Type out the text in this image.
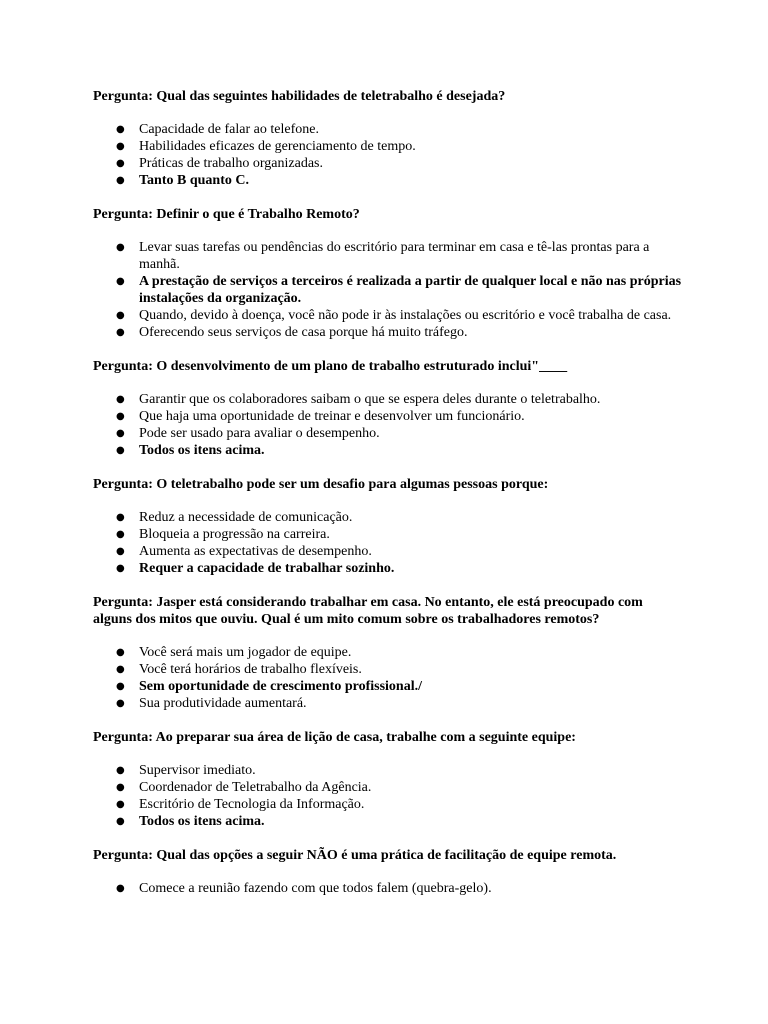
Pergunta: Qual das seguintes habilidades de teletrabalho é desejada?

● Capacidade de falar ao telefone.
● Habilidades eficazes de gerenciamento de tempo.
● Práticas de trabalho organizadas.
● Tanto B quanto C.

Pergunta: Definir o que é Trabalho Remoto?

● Levar suas tarefas ou pendências do escritório para terminar em casa e tê-las prontas para a manhã.
● A prestação de serviços a terceiros é realizada a partir de qualquer local e não nas próprias instalações da organização.
● Quando, devido à doença, você não pode ir às instalações ou escritório e você trabalha de casa.
● Oferecendo seus serviços de casa porque há muito tráfego.

Pergunta: O desenvolvimento de um plano de trabalho estruturado inclui"____

● Garantir que os colaboradores saibam o que se espera deles durante o teletrabalho.
● Que haja uma oportunidade de treinar e desenvolver um funcionário.
● Pode ser usado para avaliar o desempenho.
● Todos os itens acima.

Pergunta: O teletrabalho pode ser um desafio para algumas pessoas porque:

● Reduz a necessidade de comunicação.
● Bloqueia a progressão na carreira.
● Aumenta as expectativas de desempenho.
● Requer a capacidade de trabalhar sozinho.

Pergunta: Jasper está considerando trabalhar em casa. No entanto, ele está preocupado com alguns dos mitos que ouviu. Qual é um mito comum sobre os trabalhadores remotos?

● Você será mais um jogador de equipe.
● Você terá horários de trabalho flexíveis.
● Sem oportunidade de crescimento profissional./
● Sua produtividade aumentará.

Pergunta: Ao preparar sua área de lição de casa, trabalhe com a seguinte equipe:

● Supervisor imediato.
● Coordenador de Teletrabalho da Agência.
● Escritório de Tecnologia da Informação.
● Todos os itens acima.

Pergunta: Qual das opções a seguir NÃO é uma prática de facilitação de equipe remota.

● Comece a reunião fazendo com que todos falem (quebra-gelo).
